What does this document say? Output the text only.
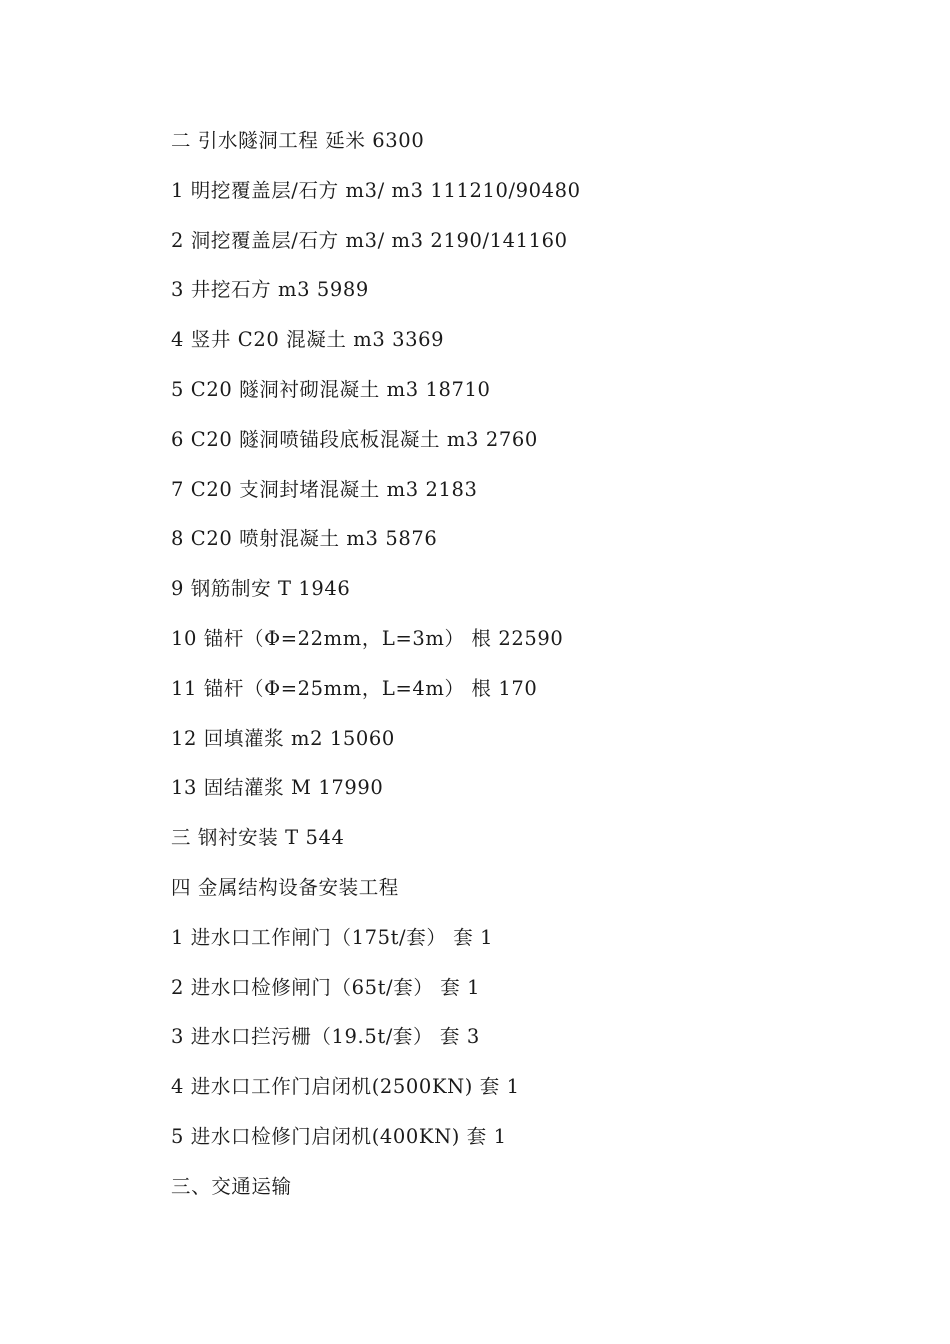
二 引水隧洞工程 延米 6300
1 明挖覆盖层/石方 m3/ m3 111210/90480
2 洞挖覆盖层/石方 m3/ m3 2190/141160
3 井挖石方 m3 5989
4 竖井 C20 混凝土 m3 3369
5 C20 隧洞衬砌混凝土 m3 18710
6 C20 隧洞喷锚段底板混凝土 m3 2760
7 C20 支洞封堵混凝土 m3 2183
8 C20 喷射混凝土 m3 5876
9 钢筋制安 T 1946
10 锚杆（Φ=22mm，L=3m） 根 22590
11 锚杆（Φ=25mm，L=4m） 根 170
12 回填灌浆 m2 15060
13 固结灌浆 M 17990
三 钢衬安装 T 544
四 金属结构设备安装工程
1 进水口工作闸门（175t/套） 套 1
2 进水口检修闸门（65t/套） 套 1
3 进水口拦污栅（19.5t/套） 套 3
4 进水口工作门启闭机(2500KN) 套 1
5 进水口检修门启闭机(400KN) 套 1
三、交通运输
